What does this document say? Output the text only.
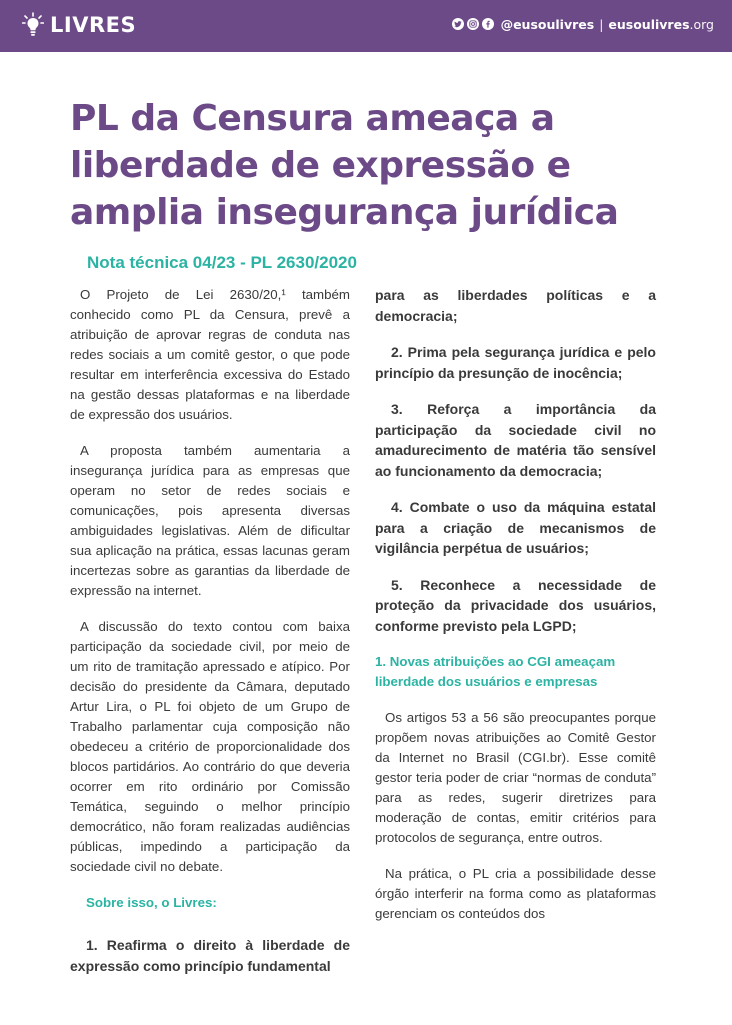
LIVRES	@eusoulivres | eusoulivres.org
PL da Censura ameaça a
liberdade de expressão e
amplia insegurança jurídica
Nota técnica 04/23 - PL 2630/2020

O Projeto de Lei 2630/20,¹ também conhecido como PL da Censura, prevê a atribuição de aprovar regras de conduta nas redes sociais a um comitê gestor, o que pode resultar em interferência excessiva do Estado na gestão dessas plataformas e na liberdade de expressão dos usuários.

A proposta também aumentaria a insegurança jurídica para as empresas que operam no setor de redes sociais e comunicações, pois apresenta diversas ambiguidades legislativas. Além de dificultar sua aplicação na prática, essas lacunas geram incertezas sobre as garantias da liberdade de expressão na internet.

A discussão do texto contou com baixa participação da sociedade civil, por meio de um rito de tramitação apressado e atípico. Por decisão do presidente da Câmara, deputado Artur Lira, o PL foi objeto de um Grupo de Trabalho parlamentar cuja composição não obedeceu a critério de proporcionalidade dos blocos partidários. Ao contrário do que deveria ocorrer em rito ordinário por Comissão Temática, seguindo o melhor princípio democrático, não foram realizadas audiências públicas, impedindo a participação da sociedade civil no debate.

Sobre isso, o Livres:

1. Reafirma o direito à liberdade de expressão como princípio fundamental

para as liberdades políticas e a democracia;

2. Prima pela segurança jurídica e pelo princípio da presunção de inocência;

3. Reforça a importância da participação da sociedade civil no amadurecimento de matéria tão sensível ao funcionamento da democracia;

4. Combate o uso da máquina estatal para a criação de mecanismos de vigilância perpétua de usuários;

5. Reconhece a necessidade de proteção da privacidade dos usuários, conforme previsto pela LGPD;

1. Novas atribuições ao CGI ameaçam liberdade dos usuários e empresas

Os artigos 53 a 56 são preocupantes porque propõem novas atribuições ao Comitê Gestor da Internet no Brasil (CGI.br). Esse comitê gestor teria poder de criar “normas de conduta” para as redes, sugerir diretrizes para moderação de contas, emitir critérios para protocolos de segurança, entre outros.

Na prática, o PL cria a possibilidade desse órgão interferir na forma como as plataformas gerenciam os conteúdos dos
